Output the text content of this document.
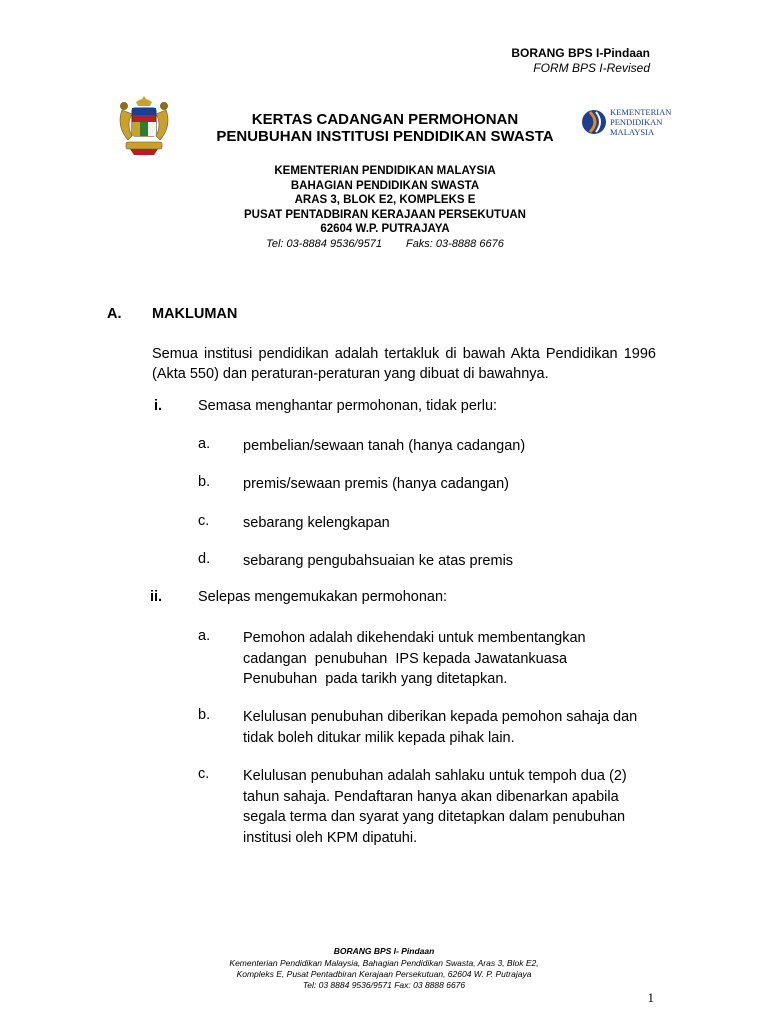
BORANG BPS I-Pindaan
FORM BPS I-Revised
KERTAS CADANGAN PERMOHONAN
PENUBUHAN INSTITUSI PENDIDIKAN SWASTA
KEMENTERIAN
PENDIDIKAN
MALAYSIA
KEMENTERIAN PENDIDIKAN MALAYSIA
BAHAGIAN PENDIDIKAN SWASTA
ARAS 3, BLOK E2, KOMPLEKS E
PUSAT PENTADBIRAN KERAJAAN PERSEKUTUAN
62604 W.P. PUTRAJAYA
Tel: 03-8884 9536/9571 Faks: 03-8888 6676
A. MAKLUMAN
Semua institusi pendidikan adalah tertakluk di bawah Akta Pendidikan 1996 (Akta 550) dan peraturan-peraturan yang dibuat di bawahnya.
i. Semasa menghantar permohonan, tidak perlu:
a. pembelian/sewaan tanah (hanya cadangan)
b. premis/sewaan premis (hanya cadangan)
c. sebarang kelengkapan
d. sebarang pengubahsuaian ke atas premis
ii. Selepas mengemukakan permohonan:
a. Pemohon adalah dikehendaki untuk membentangkan
cadangan  penubuhan  IPS kepada Jawatankuasa
Penubuhan  pada tarikh yang ditetapkan.
b. Kelulusan penubuhan diberikan kepada pemohon sahaja dan
tidak boleh ditukar milik kepada pihak lain.
c. Kelulusan penubuhan adalah sahlaku untuk tempoh dua (2)
tahun sahaja. Pendaftaran hanya akan dibenarkan apabila
segala terma dan syarat yang ditetapkan dalam penubuhan
institusi oleh KPM dipatuhi.
BORANG BPS I- Pindaan
Kementerian Pendidikan Malaysia, Bahagian Pendidikan Swasta, Aras 3, Blok E2,
Kompleks E, Pusat Pentadbiran Kerajaan Persekutuan, 62604 W. P. Putrajaya
Tel: 03 8884 9536/9571 Fax: 03 8888 6676
1
